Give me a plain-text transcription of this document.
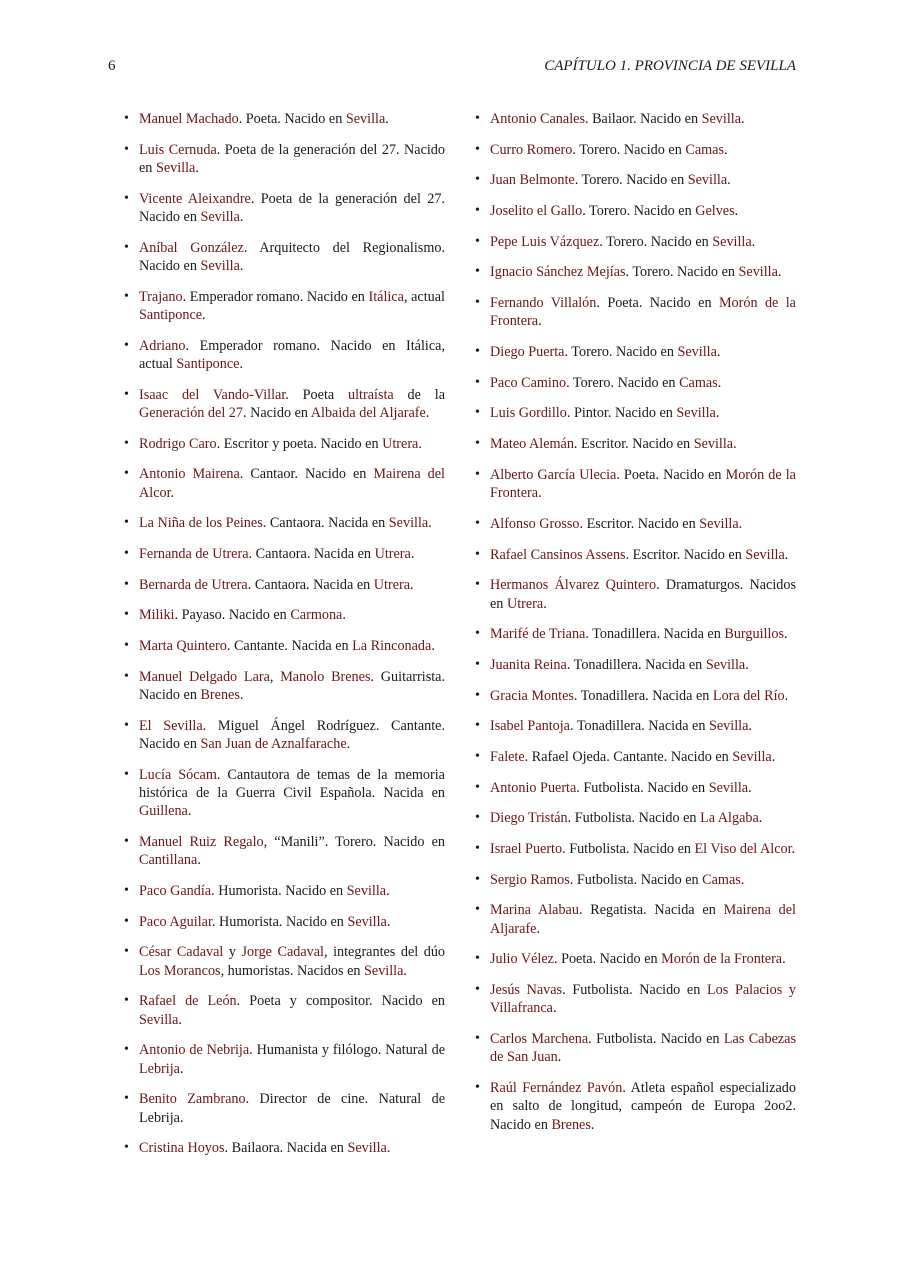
6	CAPÍTULO 1. PROVINCIA DE SEVILLA
• Manuel Machado. Poeta. Nacido en Sevilla.
• Luis Cernuda. Poeta de la generación del 27. Nacido en Sevilla.
• Vicente Aleixandre. Poeta de la generación del 27. Nacido en Sevilla.
• Aníbal González. Arquitecto del Regionalismo. Nacido en Sevilla.
• Trajano. Emperador romano. Nacido en Itálica, actual Santiponce.
• Adriano. Emperador romano. Nacido en Itálica, actual Santiponce.
• Isaac del Vando-Villar. Poeta ultraísta de la Generación del 27. Nacido en Albaida del Aljarafe.
• Rodrigo Caro. Escritor y poeta. Nacido en Utrera.
• Antonio Mairena. Cantaor. Nacido en Mairena del Alcor.
• La Niña de los Peines. Cantaora. Nacida en Sevilla.
• Fernanda de Utrera. Cantaora. Nacida en Utrera.
• Bernarda de Utrera. Cantaora. Nacida en Utrera.
• Miliki. Payaso. Nacido en Carmona.
• Marta Quintero. Cantante. Nacida en La Rinconada.
• Manuel Delgado Lara, Manolo Brenes. Guitarrista. Nacido en Brenes.
• El Sevilla. Miguel Ángel Rodríguez. Cantante. Nacido en San Juan de Aznalfarache.
• Lucía Sócam. Cantautora de temas de la memoria histórica de la Guerra Civil Española. Nacida en Guillena.
• Manuel Ruiz Regalo, “Manili”. Torero. Nacido en Cantillana.
• Paco Gandía. Humorista. Nacido en Sevilla.
• Paco Aguilar. Humorista. Nacido en Sevilla.
• César Cadaval y Jorge Cadaval, integrantes del dúo Los Morancos, humoristas. Nacidos en Sevilla.
• Rafael de León. Poeta y compositor. Nacido en Sevilla.
• Antonio de Nebrija. Humanista y filólogo. Natural de Lebrija.
• Benito Zambrano. Director de cine. Natural de Lebrija.
• Cristina Hoyos. Bailaora. Nacida en Sevilla.
• Antonio Canales. Bailaor. Nacido en Sevilla.
• Curro Romero. Torero. Nacido en Camas.
• Juan Belmonte. Torero. Nacido en Sevilla.
• Joselito el Gallo. Torero. Nacido en Gelves.
• Pepe Luis Vázquez. Torero. Nacido en Sevilla.
• Ignacio Sánchez Mejías. Torero. Nacido en Sevilla.
• Fernando Villalón. Poeta. Nacido en Morón de la Frontera.
• Diego Puerta. Torero. Nacido en Sevilla.
• Paco Camino. Torero. Nacido en Camas.
• Luis Gordillo. Pintor. Nacido en Sevilla.
• Mateo Alemán. Escritor. Nacido en Sevilla.
• Alberto García Ulecia. Poeta. Nacido en Morón de la Frontera.
• Alfonso Grosso. Escritor. Nacido en Sevilla.
• Rafael Cansinos Assens. Escritor. Nacido en Sevilla.
• Hermanos Álvarez Quintero. Dramaturgos. Nacidos en Utrera.
• Marifé de Triana. Tonadillera. Nacida en Burguillos.
• Juanita Reina. Tonadillera. Nacida en Sevilla.
• Gracia Montes. Tonadillera. Nacida en Lora del Río.
• Isabel Pantoja. Tonadillera. Nacida en Sevilla.
• Falete. Rafael Ojeda. Cantante. Nacido en Sevilla.
• Antonio Puerta. Futbolista. Nacido en Sevilla.
• Diego Tristán. Futbolista. Nacido en La Algaba.
• Israel Puerto. Futbolista. Nacido en El Viso del Alcor.
• Sergio Ramos. Futbolista. Nacido en Camas.
• Marina Alabau. Regatista. Nacida en Mairena del Aljarafe.
• Julio Vélez. Poeta. Nacido en Morón de la Frontera.
• Jesús Navas. Futbolista. Nacido en Los Palacios y Villafranca.
• Carlos Marchena. Futbolista. Nacido en Las Cabezas de San Juan.
• Raúl Fernández Pavón. Atleta español especializado en salto de longitud, campeón de Europa 2oo2. Nacido en Brenes.
